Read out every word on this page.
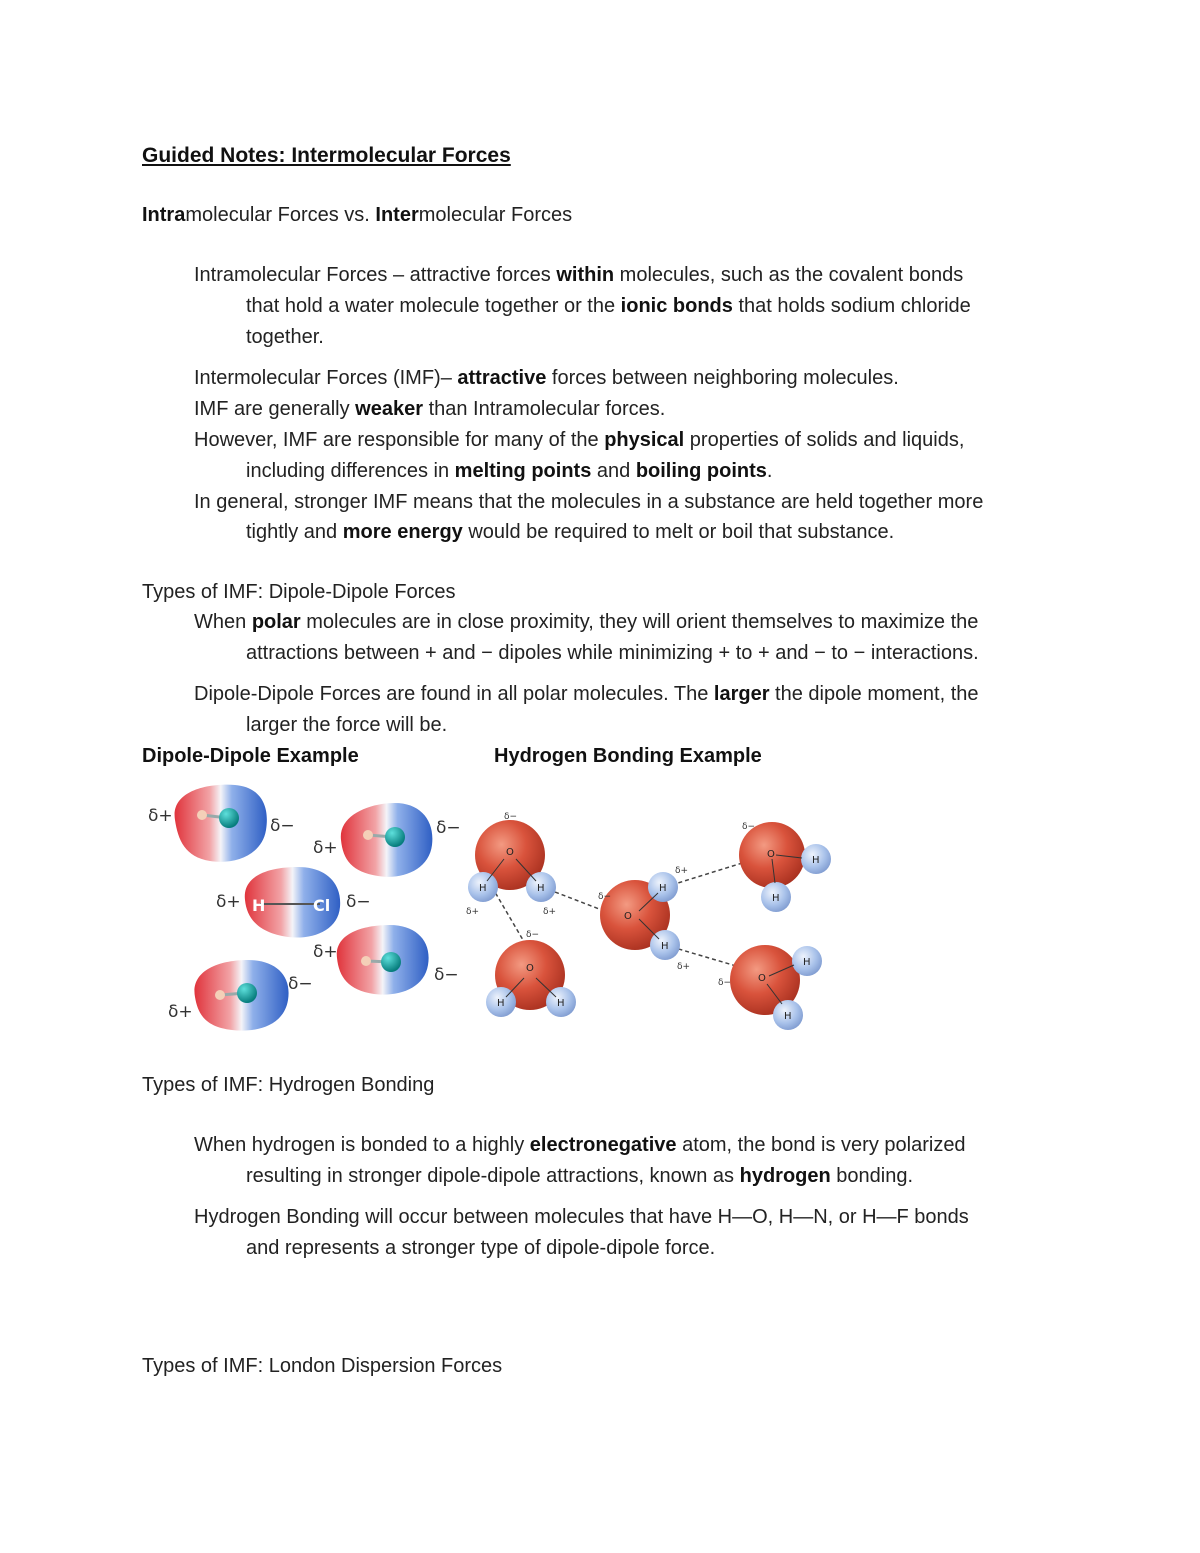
Guided Notes: Intermolecular Forces
Intramolecular Forces vs. Intermolecular Forces
Intramolecular Forces – attractive forces within molecules, such as the covalent bonds
that hold a water molecule together or the ionic bonds that holds sodium chloride
together.
Intermolecular Forces (IMF)– attractive forces between neighboring molecules.
IMF are generally weaker than Intramolecular forces.
However, IMF are responsible for many of the physical properties of solids and liquids,
including differences in melting points and boiling points.
In general, stronger IMF means that the molecules in a substance are held together more
tightly and more energy would be required to melt or boil that substance.
Types of IMF: Dipole-Dipole Forces
When polar molecules are in close proximity, they will orient themselves to maximize the
attractions between + and − dipoles while minimizing + to + and − to − interactions.
Dipole-Dipole Forces are found in all polar molecules. The larger the dipole moment, the
larger the force will be.
Dipole-Dipole Example	Hydrogen Bonding Example
δ+	δ−
δ+
δ−
H	Cl
δ+	δ−
δ+
δ−
δ+
δ−
O
H	H
δ−
δ+	δ+
O
H	H
δ−
O
H
H
δ−
δ+
δ+
O
H
H
δ−
O
H
H
δ−
Types of IMF: Hydrogen Bonding
When hydrogen is bonded to a highly electronegative atom, the bond is very polarized
resulting in stronger dipole-dipole attractions, known as hydrogen bonding.
Hydrogen Bonding will occur between molecules that have H—O, H—N, or H—F bonds
and represents a stronger type of dipole-dipole force.
Types of IMF: London Dispersion Forces
